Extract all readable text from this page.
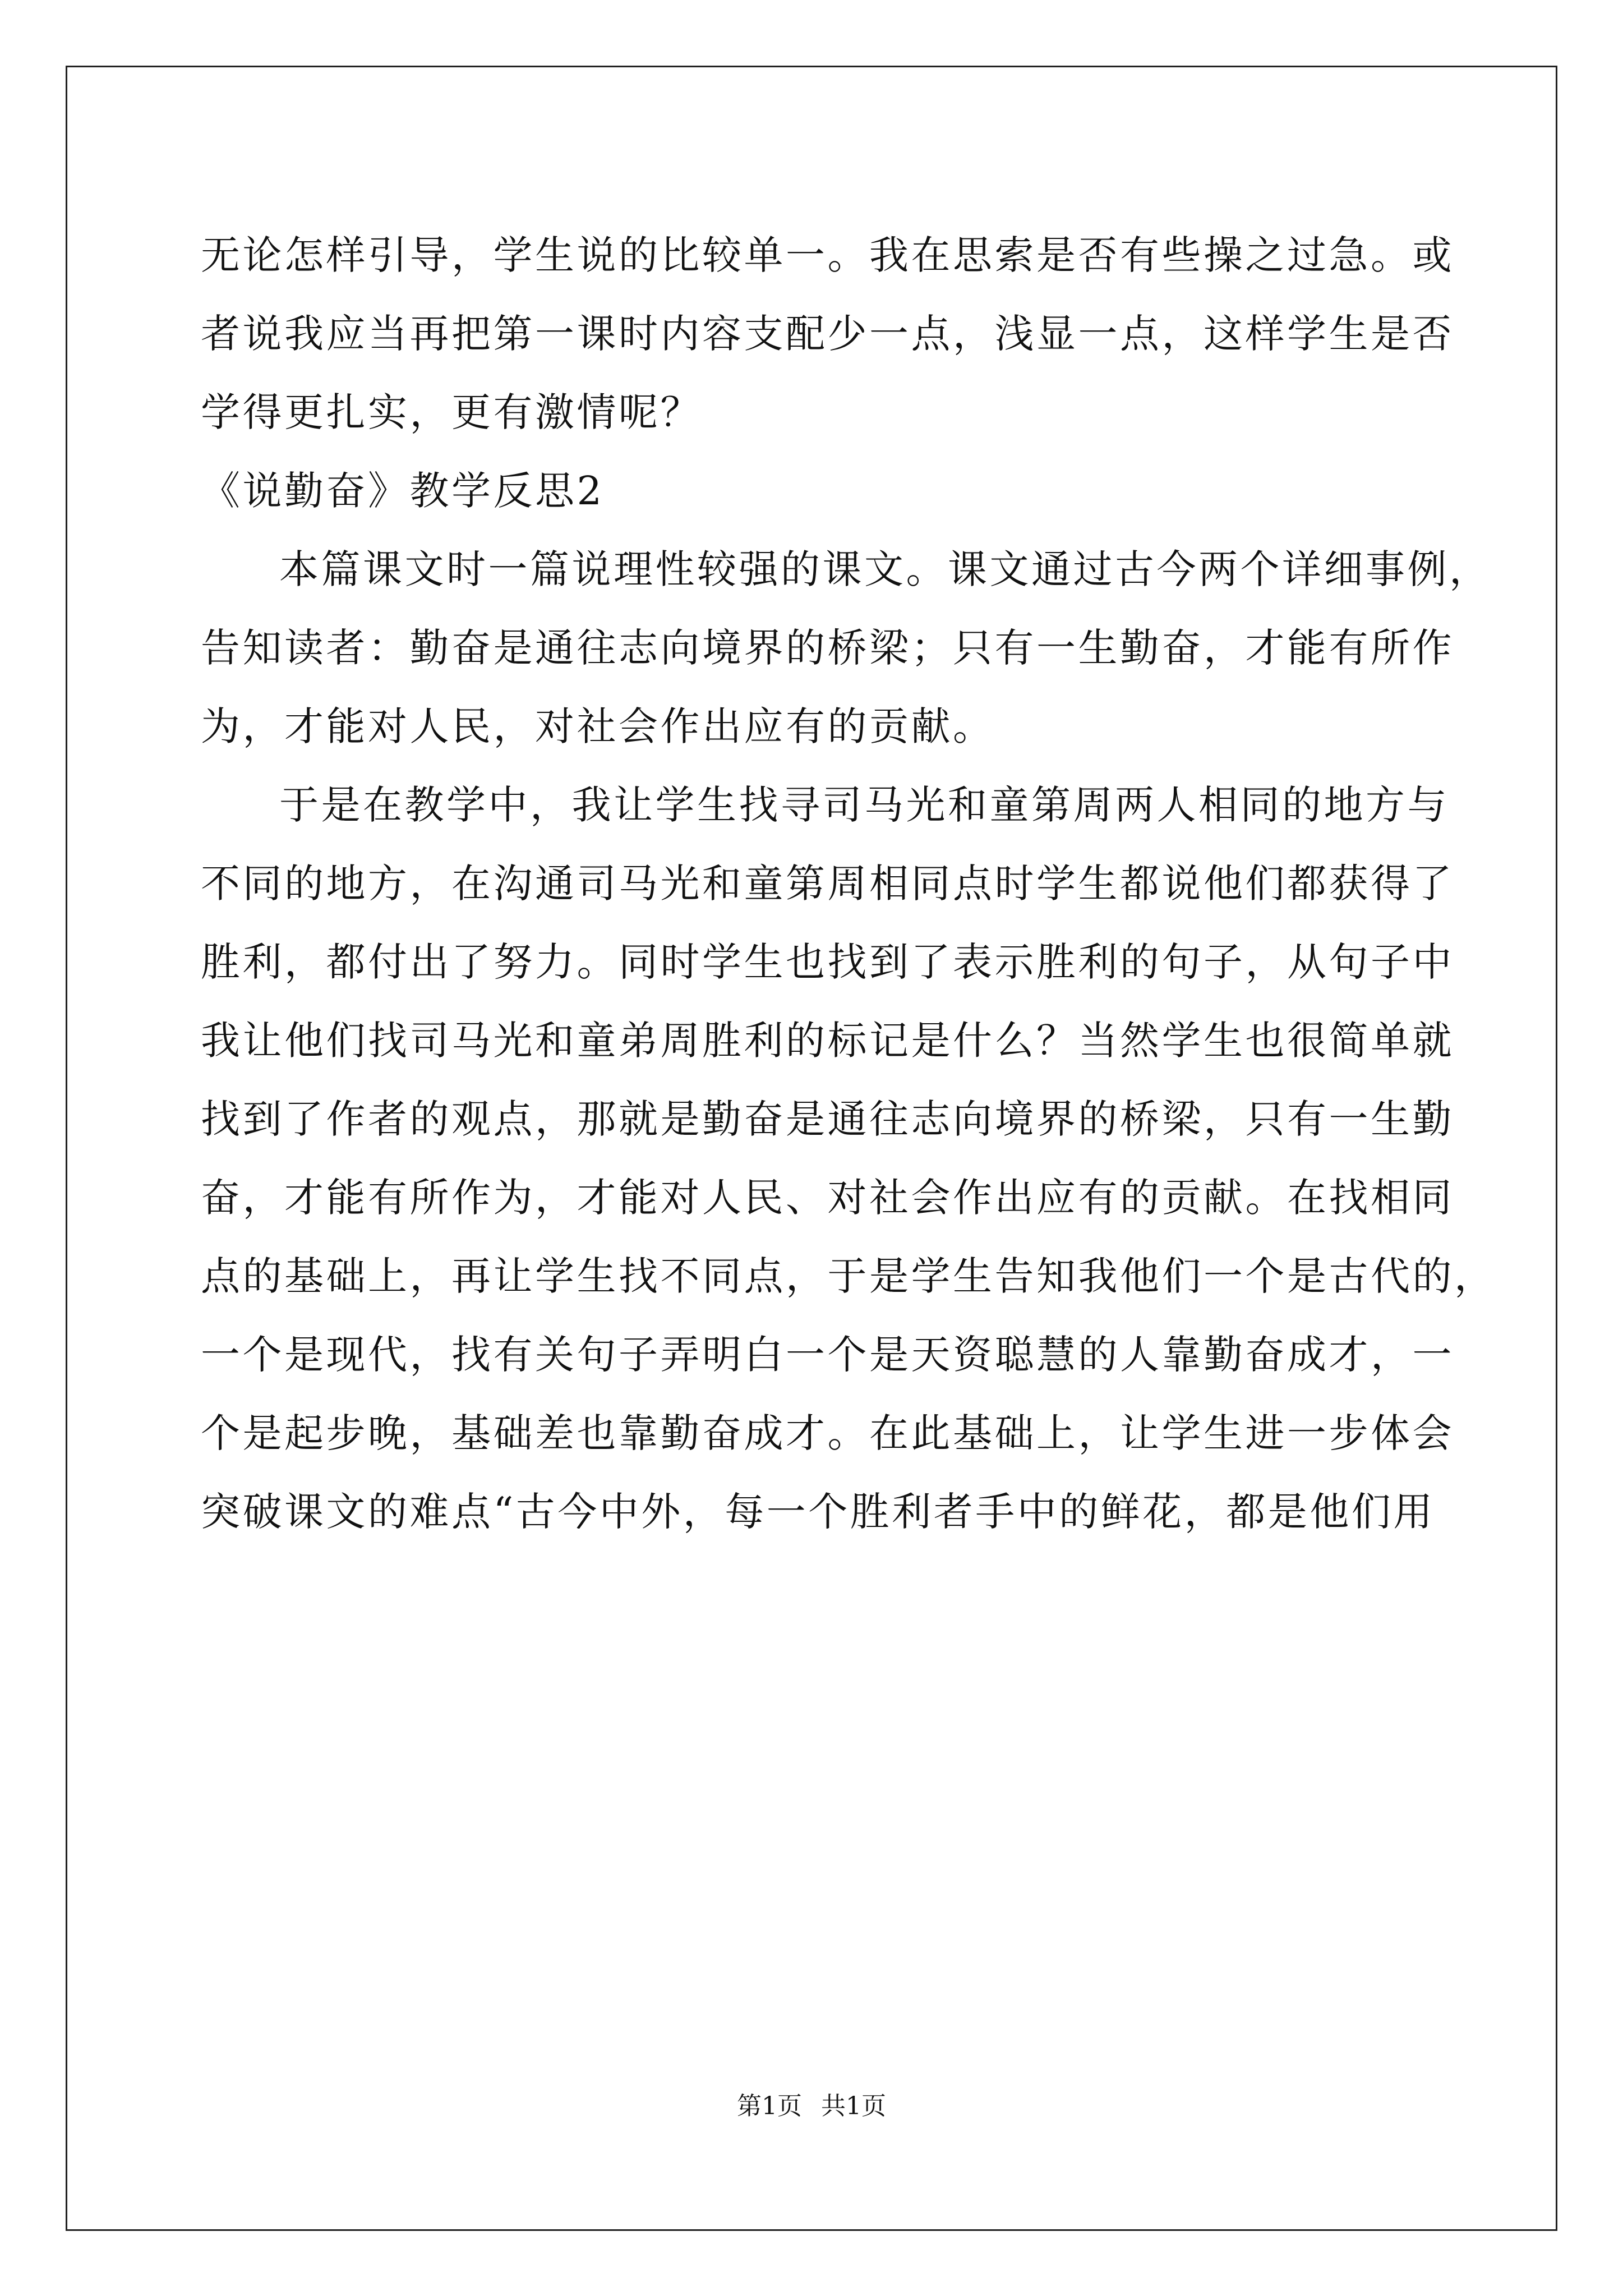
无论怎样引导，学生说的比较单一。我在思索是否有些操之过急。或
者说我应当再把第一课时内容支配少一点，浅显一点，这样学生是否
学得更扎实，更有激情呢？
《说勤奋》教学反思2
本篇课文时一篇说理性较强的课文。课文通过古今两个详细事例，
告知读者：勤奋是通往志向境界的桥梁；只有一生勤奋，才能有所作
为，才能对人民，对社会作出应有的贡献。
于是在教学中，我让学生找寻司马光和童第周两人相同的地方与
不同的地方，在沟通司马光和童第周相同点时学生都说他们都获得了
胜利，都付出了努力。同时学生也找到了表示胜利的句子，从句子中
我让他们找司马光和童弟周胜利的标记是什么？当然学生也很简单就
找到了作者的观点，那就是勤奋是通往志向境界的桥梁，只有一生勤
奋，才能有所作为，才能对人民、对社会作出应有的贡献。在找相同
点的基础上，再让学生找不同点，于是学生告知我他们一个是古代的，
一个是现代，找有关句子弄明白一个是天资聪慧的人靠勤奋成才，一
个是起步晚，基础差也靠勤奋成才。在此基础上，让学生进一步体会
突破课文的难点“古今中外，每一个胜利者手中的鲜花，都是他们用
第1页 共1页
